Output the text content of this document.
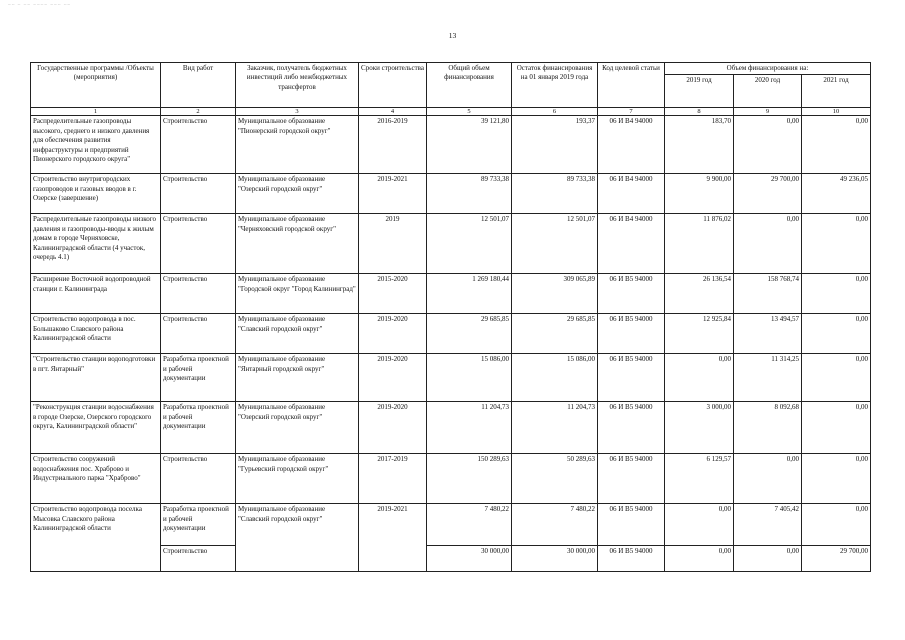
~~ ~ ~~ ~~~~ ~~~ ~~
13
Государственные программы /Объекты (мероприятия)	Вид работ	Заказчик, получатель бюджетных инвестиций либо межбюджетных трансфертов	Сроки строительства	Общий объем финансирования	Остаток финансирования на 01 января 2019 года	Код целевой статьи	Объем финансирования на:		
							2019 год	2020 год	2021 год
1	2	3	4	5	6	7	8	9	10
Распределительные газопроводы высокого, среднего и низкого давления для обеспечения развития инфраструктуры и предприятий Пионерского городского округа"	Строительство	Муниципальное образование "Пионерский городской округ"	2016-2019	39 121,80	193,37	06 И В4 94000	183,70	0,00	0,00
Строительство внутригородских газопроводов и газовых вводов в г. Озерске (завершение)	Строительство	Муниципальное образование "Озерский городской округ"	2019-2021	89 733,38	89 733,38	06 И В4 94000	9 900,00	29 700,00	49 236,05
Распределительные газопроводы низкого давления и газопроводы-вводы к жилым домам в городе Черняховске, Калининградской области (4 участок, очередь 4.1)	Строительство	Муниципальное образование "Черняховский городской округ"	2019	12 501,07	12 501,07	06 И В4 94000	11 876,02	0,00	0,00
Расширение Восточной водопроводной станции г. Калининграда	Строительство	Муниципальное образование "Городской округ "Город Калининград"	2015-2020	1 269 180,44	309 065,89	06 И В5 94000	26 136,54	158 768,74	0,00
Строительство водопровода в пос. Большаково Славского района Калининградской области	Строительство	Муниципальное образование "Славский городской округ"	2019-2020	29 685,85	29 685,85	06 И В5 94000	12 925,84	13 494,57	0,00
"Строительство станции водоподготовки в пгт. Янтарный"	Разработка проектной и рабочей документации	Муниципальное образование "Янтарный городской округ"	2019-2020	15 086,00	15 086,00	06 И В5 94000	0,00	11 314,25	0,00
"Реконструкция станции водоснабжения в городе Озерске, Озерского городского округа, Калининградской области"	Разработка проектной и рабочей документации	Муниципальное образование "Озерский городской округ"	2019-2020	11 204,73	11 204,73	06 И В5 94000	3 000,00	8 092,68	0,00
Строительство сооружений водоснабжения пос. Храброво и Индустриального парка "Храброво"	Строительство	Муниципальное образование "Гурьевский городской округ"	2017-2019	150 289,63	50 289,63	06 И В5 94000	6 129,57	0,00	0,00
Строительство водопровода поселка Мысовка Славского района Калининградской области	Разработка проектной и рабочей документации	Муниципальное образование "Славский городской округ"	2019-2021	7 480,22	7 480,22	06 И В5 94000	0,00	7 405,42	0,00
	Строительство			30 000,00	30 000,00	06 И В5 94000	0,00	0,00	29 700,00
